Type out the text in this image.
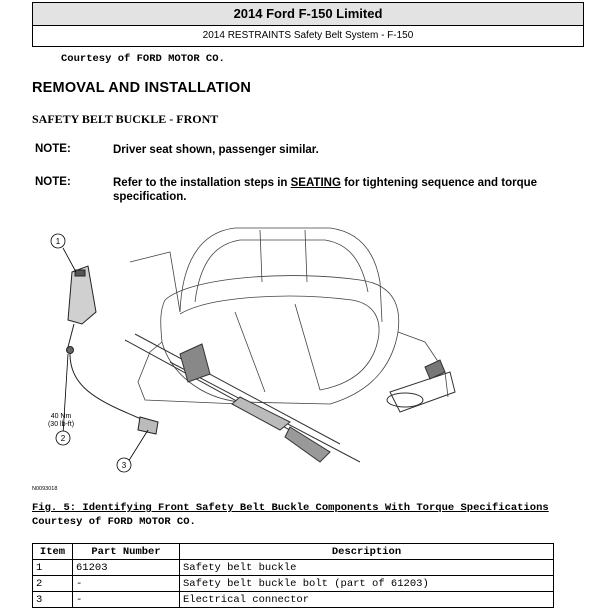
2014 Ford F-150 Limited
2014 RESTRAINTS Safety Belt System - F-150
Courtesy of FORD MOTOR CO.
REMOVAL AND INSTALLATION
SAFETY BELT BUCKLE - FRONT
NOTE:	Driver seat shown, passenger similar.
NOTE:	Refer to the installation steps in SEATING for tightening sequence and torque specification.
1
2
3
40 Nm
(30 lb-ft)
N0093018
Fig. 5: Identifying Front Safety Belt Buckle Components With Torque Specifications
Courtesy of FORD MOTOR CO.
Item	Part Number	Description
1	61203	Safety belt buckle
2	-	Safety belt buckle bolt (part of 61203)
3	-	Electrical connector
